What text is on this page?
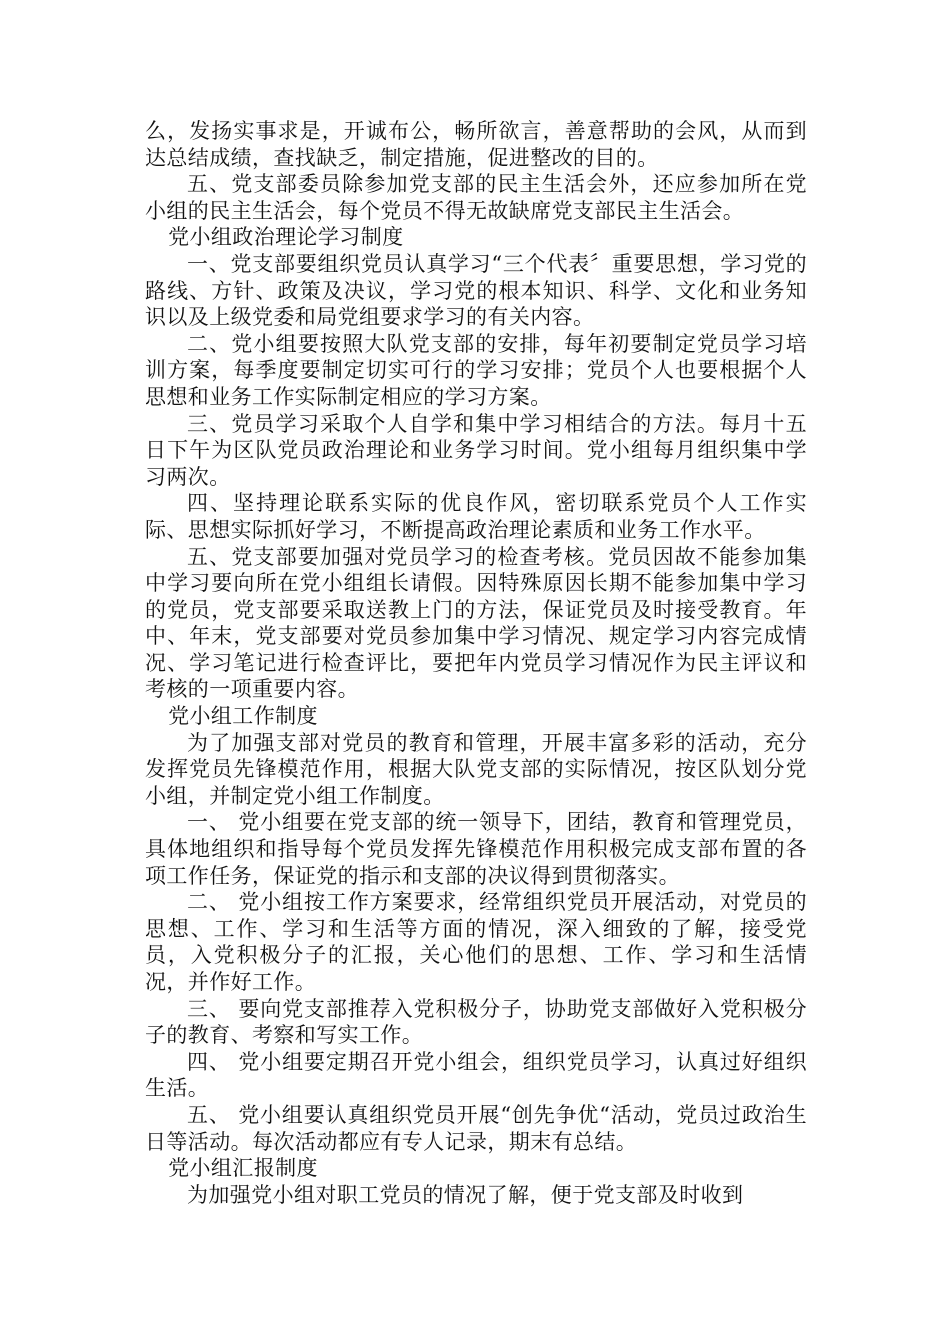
么，发扬实事求是，开诚布公，畅所欲言，善意帮助的会风，从而到达总结成绩，查找缺乏，制定措施，促进整改的目的。

五、党支部委员除参加党支部的民主生活会外，还应参加所在党小组的民主生活会，每个党员不得无故缺席党支部民主生活会。

党小组政治理论学习制度

一、党支部要组织党员认真学习“三个代表〞重要思想，学习党的路线、方针、政策及决议，学习党的根本知识、科学、文化和业务知识以及上级党委和局党组要求学习的有关内容。

二、党小组要按照大队党支部的安排，每年初要制定党员学习培训方案，每季度要制定切实可行的学习安排；党员个人也要根据个人思想和业务工作实际制定相应的学习方案。

三、党员学习采取个人自学和集中学习相结合的方法。每月十五日下午为区队党员政治理论和业务学习时间。党小组每月组织集中学习两次。

四、坚持理论联系实际的优良作风，密切联系党员个人工作实际、思想实际抓好学习，不断提高政治理论素质和业务工作水平。

五、党支部要加强对党员学习的检查考核。党员因故不能参加集中学习要向所在党小组组长请假。因特殊原因长期不能参加集中学习的党员，党支部要采取送教上门的方法，保证党员及时接受教育。年中、年末，党支部要对党员参加集中学习情况、规定学习内容完成情况、学习笔记进行检查评比，要把年内党员学习情况作为民主评议和考核的一项重要内容。

党小组工作制度

为了加强支部对党员的教育和管理，开展丰富多彩的活动，充分发挥党员先锋模范作用，根据大队党支部的实际情况，按区队划分党小组，并制定党小组工作制度。

一、 党小组要在党支部的统一领导下，团结，教育和管理党员，具体地组织和指导每个党员发挥先锋模范作用积极完成支部布置的各项工作任务，保证党的指示和支部的决议得到贯彻落实。

二、 党小组按工作方案要求，经常组织党员开展活动，对党员的思想、工作、学习和生活等方面的情况，深入细致的了解，接受党员，入党积极分子的汇报，关心他们的思想、工作、学习和生活情况，并作好工作。

三、 要向党支部推荐入党积极分子，协助党支部做好入党积极分子的教育、考察和写实工作。

四、 党小组要定期召开党小组会，组织党员学习，认真过好组织生活。

五、 党小组要认真组织党员开展“创先争优“活动，党员过政治生日等活动。每次活动都应有专人记录，期末有总结。

党小组汇报制度

为加强党小组对职工党员的情况了解，便于党支部及时收到
